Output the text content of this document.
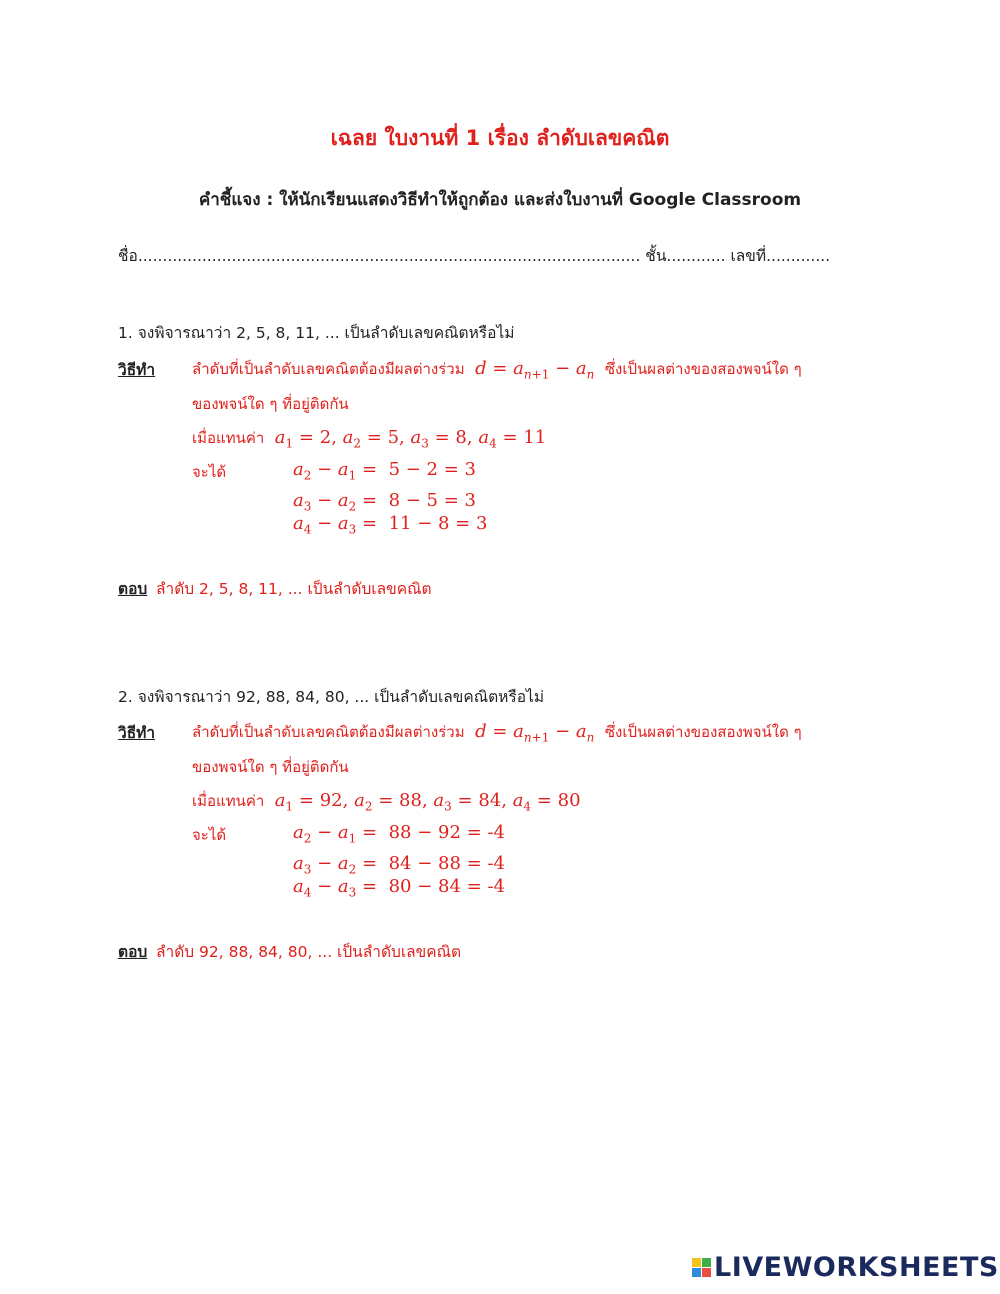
เฉลย ใบงานที่ 1 เรื่อง ลำดับเลขคณิต
คำชี้แจง : ให้นักเรียนแสดงวิธีทำให้ถูกต้อง และส่งใบงานที่ Google Classroom
ชื่อ...................................................................................................... ชั้น............ เลขที่.............
1. จงพิจารณาว่า 2, 5, 8, 11, ... เป็นลำดับเลขคณิตหรือไม่
วิธีทำ ลำดับที่เป็นลำดับเลขคณิตต้องมีผลต่างร่วม  $d = a_{n+1} - a_n$ ซึ่งเป็นผลต่างของสองพจน์ใด ๆ
ของพจน์ใด ๆ ที่อยู่ติดกัน
เมื่อแทนค่า  $a_1 = 2$, $a_2 = 5$, $a_3 = 8$, $a_4 = 11$
จะได้	$a_2 - a_1 = 5 - 2 = 3$
$a_3 - a_2 = 8 - 5 = 3$
$a_4 - a_3 = 11 - 8 = 3$
ตอบ ลำดับ 2, 5, 8, 11, ... เป็นลำดับเลขคณิต
2. จงพิจารณาว่า 92, 88, 84, 80, ... เป็นลำดับเลขคณิตหรือไม่
วิธีทำ ลำดับที่เป็นลำดับเลขคณิตต้องมีผลต่างร่วม  $d = a_{n+1} - a_n$ ซึ่งเป็นผลต่างของสองพจน์ใด ๆ
ของพจน์ใด ๆ ที่อยู่ติดกัน
เมื่อแทนค่า  $a_1 = 92$, $a_2 = 88$, $a_3 = 84$, $a_4 = 80$
จะได้	$a_2 - a_1 = 88 - 92 = -4$
$a_3 - a_2 = 84 - 88 = -4$
$a_4 - a_3 = 80 - 84 = -4$
ตอบ ลำดับ 92, 88, 84, 80, ... เป็นลำดับเลขคณิต
LIVEWORKSHEETS
